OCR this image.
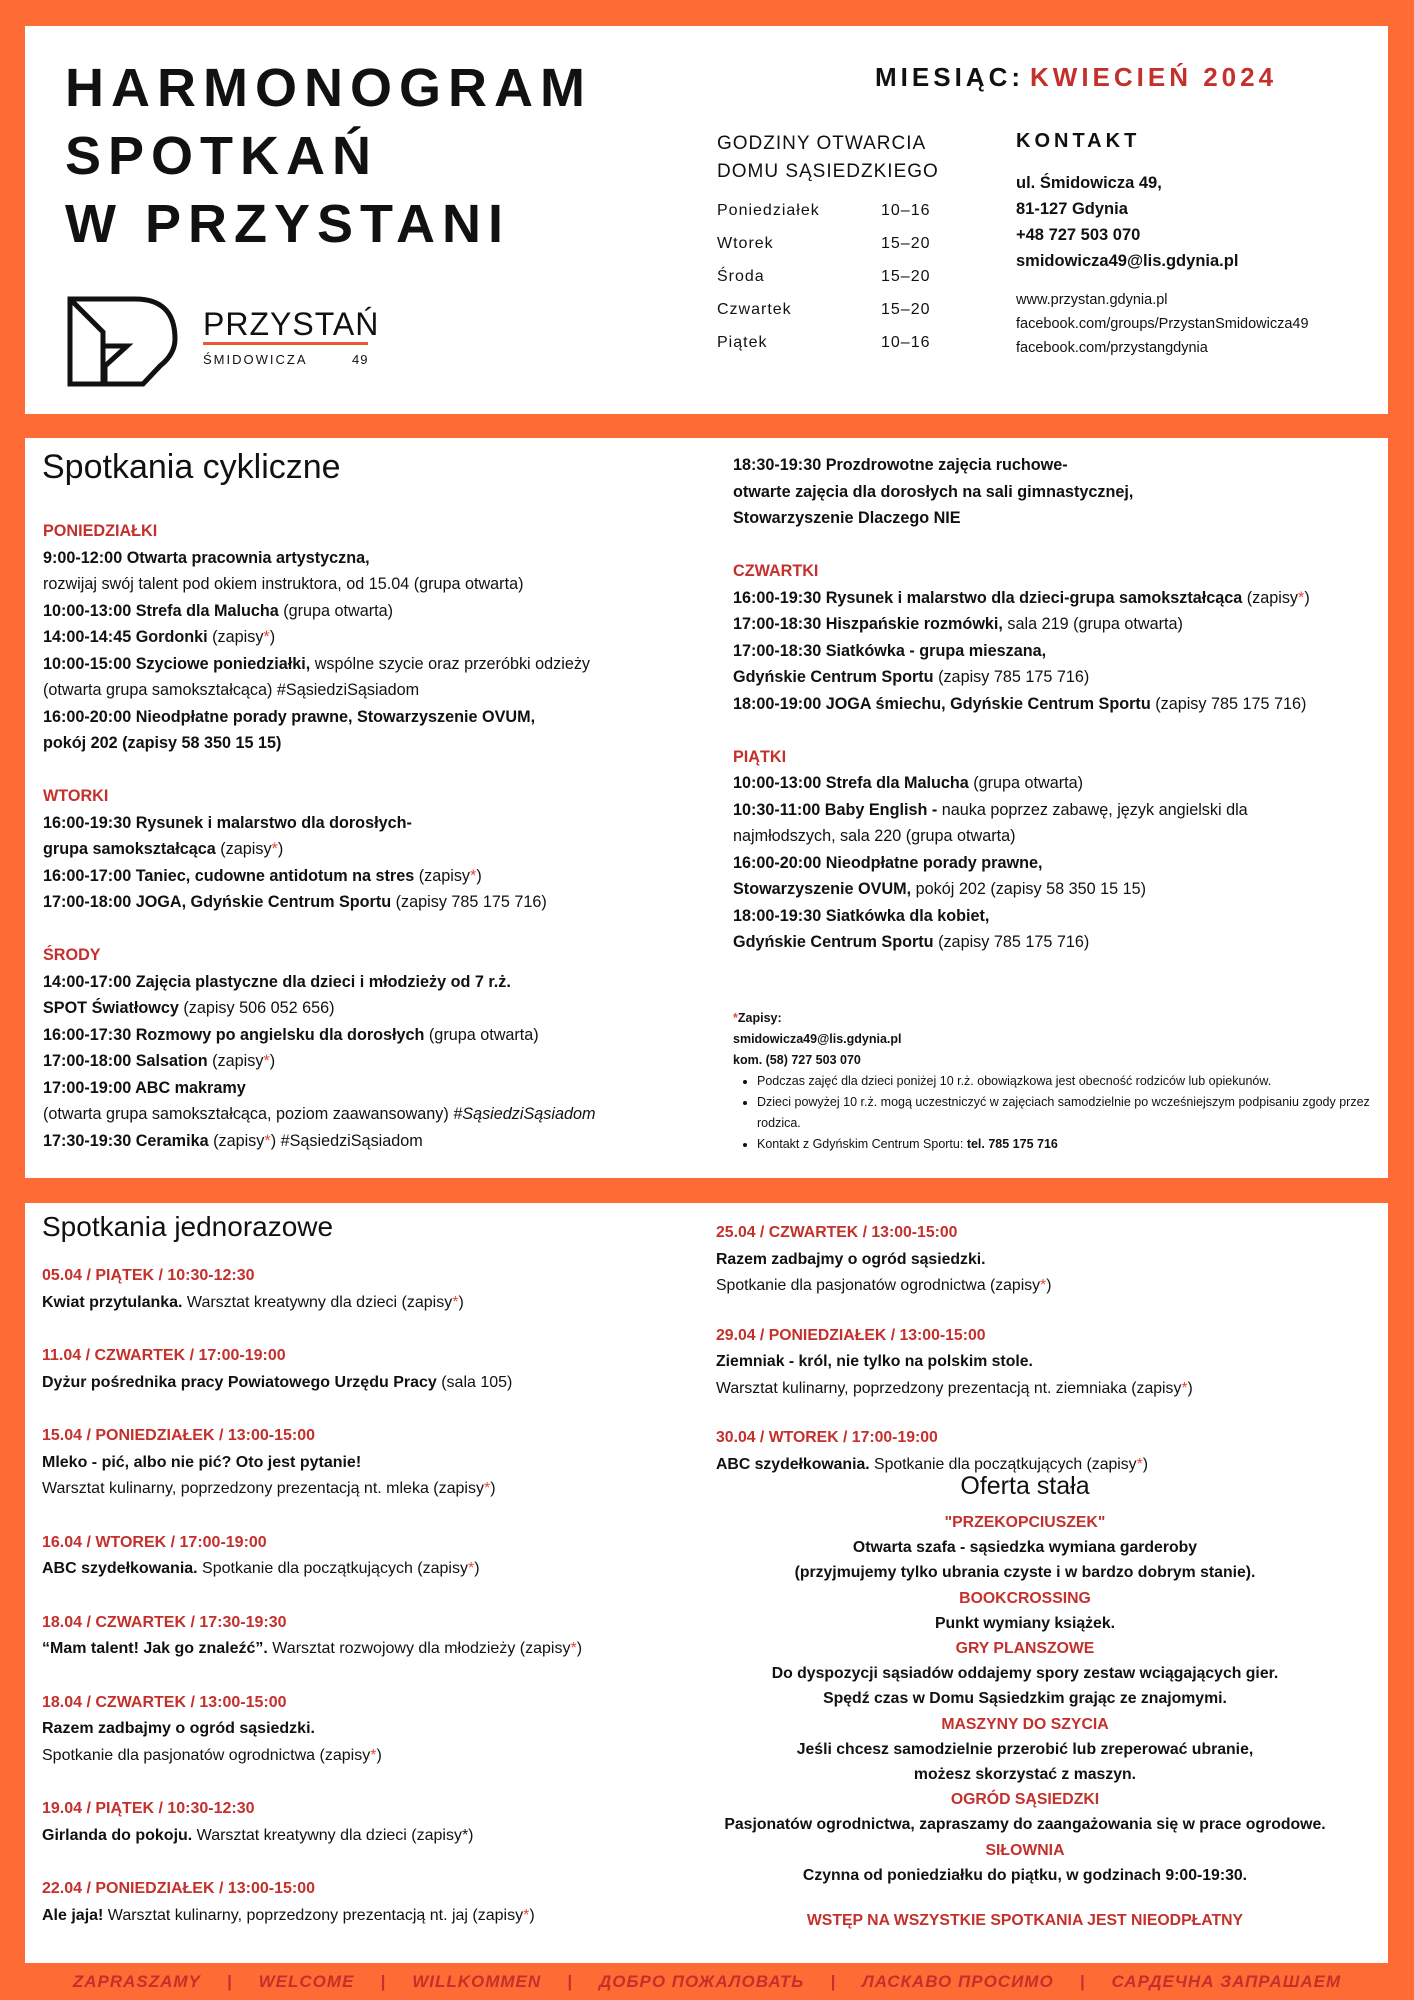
HARMONOGRAM
SPOTKAŃ
W PRZYSTANI
PRZYSTAŃ
ŚMIDOWICZA	49
MIESIĄC: KWIECIEŃ 2024
GODZINY OTWARCIA
DOMU SĄSIEDZKIEGO
Poniedziałek	10–16
Wtorek	15–20
Środa	15–20
Czwartek	15–20
Piątek	10–16
KONTAKT
ul. Śmidowicza 49,
81-127 Gdynia
+48 727 503 070
smidowicza49@lis.gdynia.pl
www.przystan.gdynia.pl
facebook.com/groups/PrzystanSmidowicza49
facebook.com/przystangdynia
Spotkania cykliczne

PONIEDZIAŁKI

9:00-12:00 Otwarta pracownia artystyczna,

rozwijaj swój talent pod okiem instruktora, od 15.04 (grupa otwarta)

10:00-13:00 Strefa dla Malucha (grupa otwarta)

14:00-14:45 Gordonki (zapisy*)

10:00-15:00 Szyciowe poniedziałki, wspólne szycie oraz przeróbki odzieży

(otwarta grupa samokształcąca) #SąsiedziSąsiadom

16:00-20:00 Nieodpłatne porady prawne, Stowarzyszenie OVUM,

pokój 202 (zapisy 58 350 15 15)

WTORKI

16:00-19:30 Rysunek i malarstwo dla dorosłych-

grupa samokształcąca (zapisy*)

16:00-17:00 Taniec, cudowne antidotum na stres (zapisy*)

17:00-18:00 JOGA, Gdyńskie Centrum Sportu (zapisy 785 175 716)

ŚRODY

14:00-17:00 Zajęcia plastyczne dla dzieci i młodzieży od 7 r.ż.

SPOT Światłowcy (zapisy 506 052 656)

16:00-17:30 Rozmowy po angielsku dla dorosłych (grupa otwarta)

17:00-18:00 Salsation (zapisy*)

17:00-19:00 ABC makramy

(otwarta grupa samokształcąca, poziom zaawansowany) #SąsiedziSąsiadom

17:30-19:30 Ceramika (zapisy*) #SąsiedziSąsiadom

18:30-19:30 Prozdrowotne zajęcia ruchowe-

otwarte zajęcia dla dorosłych na sali gimnastycznej,

Stowarzyszenie Dlaczego NIE

CZWARTKI

16:00-19:30 Rysunek i malarstwo dla dzieci-grupa samokształcąca (zapisy*)

17:00-18:30 Hiszpańskie rozmówki, sala 219 (grupa otwarta)

17:00-18:30 Siatkówka - grupa mieszana,

Gdyńskie Centrum Sportu (zapisy 785 175 716)

18:00-19:00 JOGA śmiechu, Gdyńskie Centrum Sportu (zapisy 785 175 716)

PIĄTKI

10:00-13:00 Strefa dla Malucha (grupa otwarta)

10:30-11:00 Baby English - nauka poprzez zabawę, język angielski dla

najmłodszych, sala 220 (grupa otwarta)

16:00-20:00 Nieodpłatne porady prawne,

Stowarzyszenie OVUM, pokój 202 (zapisy 58 350 15 15)

18:00-19:30 Siatkówka dla kobiet,

Gdyńskie Centrum Sportu (zapisy 785 175 716)

*Zapisy:

smidowicza49@lis.gdynia.pl

kom. (58) 727 503 070

• Podczas zajęć dla dzieci poniżej 10 r.ż. obowiązkowa jest obecność rodziców lub opiekunów.
• Dzieci powyżej 10 r.ż. mogą uczestniczyć w zajęciach samodzielnie po wcześniejszym podpisaniu zgody przez rodzica.
• Kontakt z Gdyńskim Centrum Sportu: tel. 785 175 716
Spotkania jednorazowe

05.04 / PIĄTEK / 10:30-12:30

Kwiat przytulanka. Warsztat kreatywny dla dzieci (zapisy*)

11.04 / CZWARTEK / 17:00-19:00

Dyżur pośrednika pracy Powiatowego Urzędu Pracy (sala 105)

15.04 / PONIEDZIAŁEK / 13:00-15:00

Mleko - pić, albo nie pić? Oto jest pytanie!

Warsztat kulinarny, poprzedzony prezentacją nt. mleka (zapisy*)

16.04 / WTOREK / 17:00-19:00

ABC szydełkowania. Spotkanie dla początkujących (zapisy*)

18.04 / CZWARTEK / 17:30-19:30

“Mam talent! Jak go znaleźć”. Warsztat rozwojowy dla młodzieży (zapisy*)

18.04 / CZWARTEK / 13:00-15:00

Razem zadbajmy o ogród sąsiedzki.

Spotkanie dla pasjonatów ogrodnictwa (zapisy*)

19.04 / PIĄTEK / 10:30-12:30

Girlanda do pokoju. Warsztat kreatywny dla dzieci (zapisy*)

22.04 / PONIEDZIAŁEK / 13:00-15:00

Ale jaja! Warsztat kulinarny, poprzedzony prezentacją nt. jaj (zapisy*)

25.04 / CZWARTEK / 13:00-15:00

Razem zadbajmy o ogród sąsiedzki.

Spotkanie dla pasjonatów ogrodnictwa (zapisy*)

29.04 / PONIEDZIAŁEK / 13:00-15:00

Ziemniak - król, nie tylko na polskim stole.

Warsztat kulinarny, poprzedzony prezentacją nt. ziemniaka (zapisy*)

30.04 / WTOREK / 17:00-19:00

ABC szydełkowania. Spotkanie dla początkujących (zapisy*)

Oferta stała

"PRZEKOPCIUSZEK"

Otwarta szafa - sąsiedzka wymiana garderoby

(przyjmujemy tylko ubrania czyste i w bardzo dobrym stanie).

BOOKCROSSING

Punkt wymiany książek.

GRY PLANSZOWE

Do dyspozycji sąsiadów oddajemy spory zestaw wciągających gier.

Spędź czas w Domu Sąsiedzkim grając ze znajomymi.

MASZYNY DO SZYCIA

Jeśli chcesz samodzielnie przerobić lub zreperować ubranie,

możesz skorzystać z maszyn.

OGRÓD SĄSIEDZKI

Pasjonatów ogrodnictwa, zapraszamy do zaangażowania się w prace ogrodowe.

SIŁOWNIA

Czynna od poniedziałku do piątku, w godzinach 9:00-19:30.

WSTĘP NA WSZYSTKIE SPOTKANIA JEST NIEODPŁATNY

ZAPRASZAMY | WELCOME | WILLKOMMEN | ДОБРО ПОЖАЛОВАТЬ | ЛАСКАВО ПРОСИМО | САРДЕЧНА ЗАПРАШАЕМ
